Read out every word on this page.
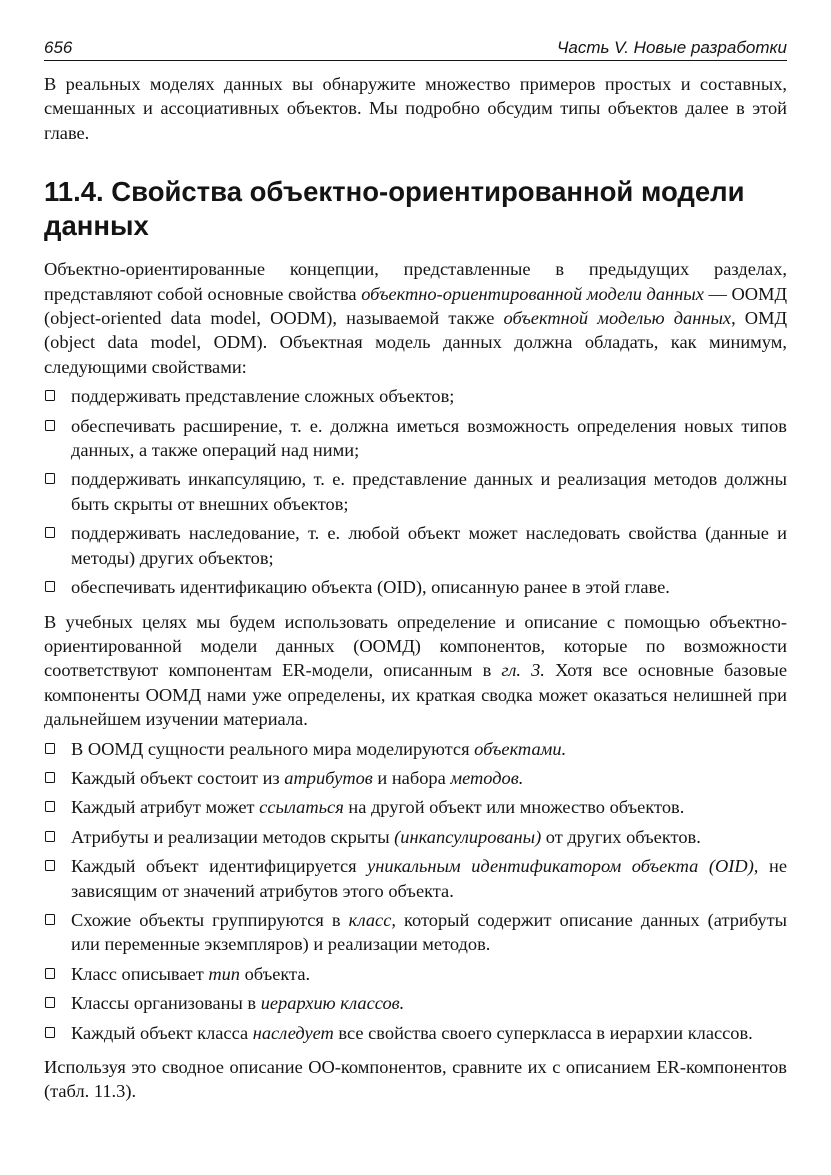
656	Часть V. Новые разработки

В реальных моделях данных вы обнаружите множество примеров простых и составных, смешанных и ассоциативных объектов. Мы подробно обсудим типы объектов далее в этой главе.

11.4. Свойства объектно-ориентированной модели данных

Объектно-ориентированные концепции, представленные в предыдущих разделах, представляют собой основные свойства объектно-ориентированной модели данных — ООМД (object-oriented data model, OODM), называемой также объектной моделью данных, ОМД (object data model, ODM). Объектная модель данных должна обладать, как минимум, следующими свойствами:

поддерживать представление сложных объектов;
обеспечивать расширение, т. е. должна иметься возможность определения новых типов данных, а также операций над ними;
поддерживать инкапсуляцию, т. е. представление данных и реализация методов должны быть скрыты от внешних объектов;
поддерживать наследование, т. е. любой объект может наследовать свойства (данные и методы) других объектов;
обеспечивать идентификацию объекта (OID), описанную ранее в этой главе.

В учебных целях мы будем использовать определение и описание с помощью объектно-ориентированной модели данных (ООМД) компонентов, которые по возможности соответствуют компонентам ER-модели, описанным в гл. 3. Хотя все основные базовые компоненты ООМД нами уже определены, их краткая сводка может оказаться нелишней при дальнейшем изучении материала.

В ООМД сущности реального мира моделируются объектами.
Каждый объект состоит из атрибутов и набора методов.
Каждый атрибут может ссылаться на другой объект или множество объектов.
Атрибуты и реализации методов скрыты (инкапсулированы) от других объектов.
Каждый объект идентифицируется уникальным идентификатором объекта (OID), не зависящим от значений атрибутов этого объекта.
Схожие объекты группируются в класс, который содержит описание данных (атрибуты или переменные экземпляров) и реализации методов.
Класс описывает тип объекта.
Классы организованы в иерархию классов.
Каждый объект класса наследует все свойства своего суперкласса в иерархии классов.

Используя это сводное описание ОО-компонентов, сравните их с описанием ER-компонентов (табл. 11.3).
